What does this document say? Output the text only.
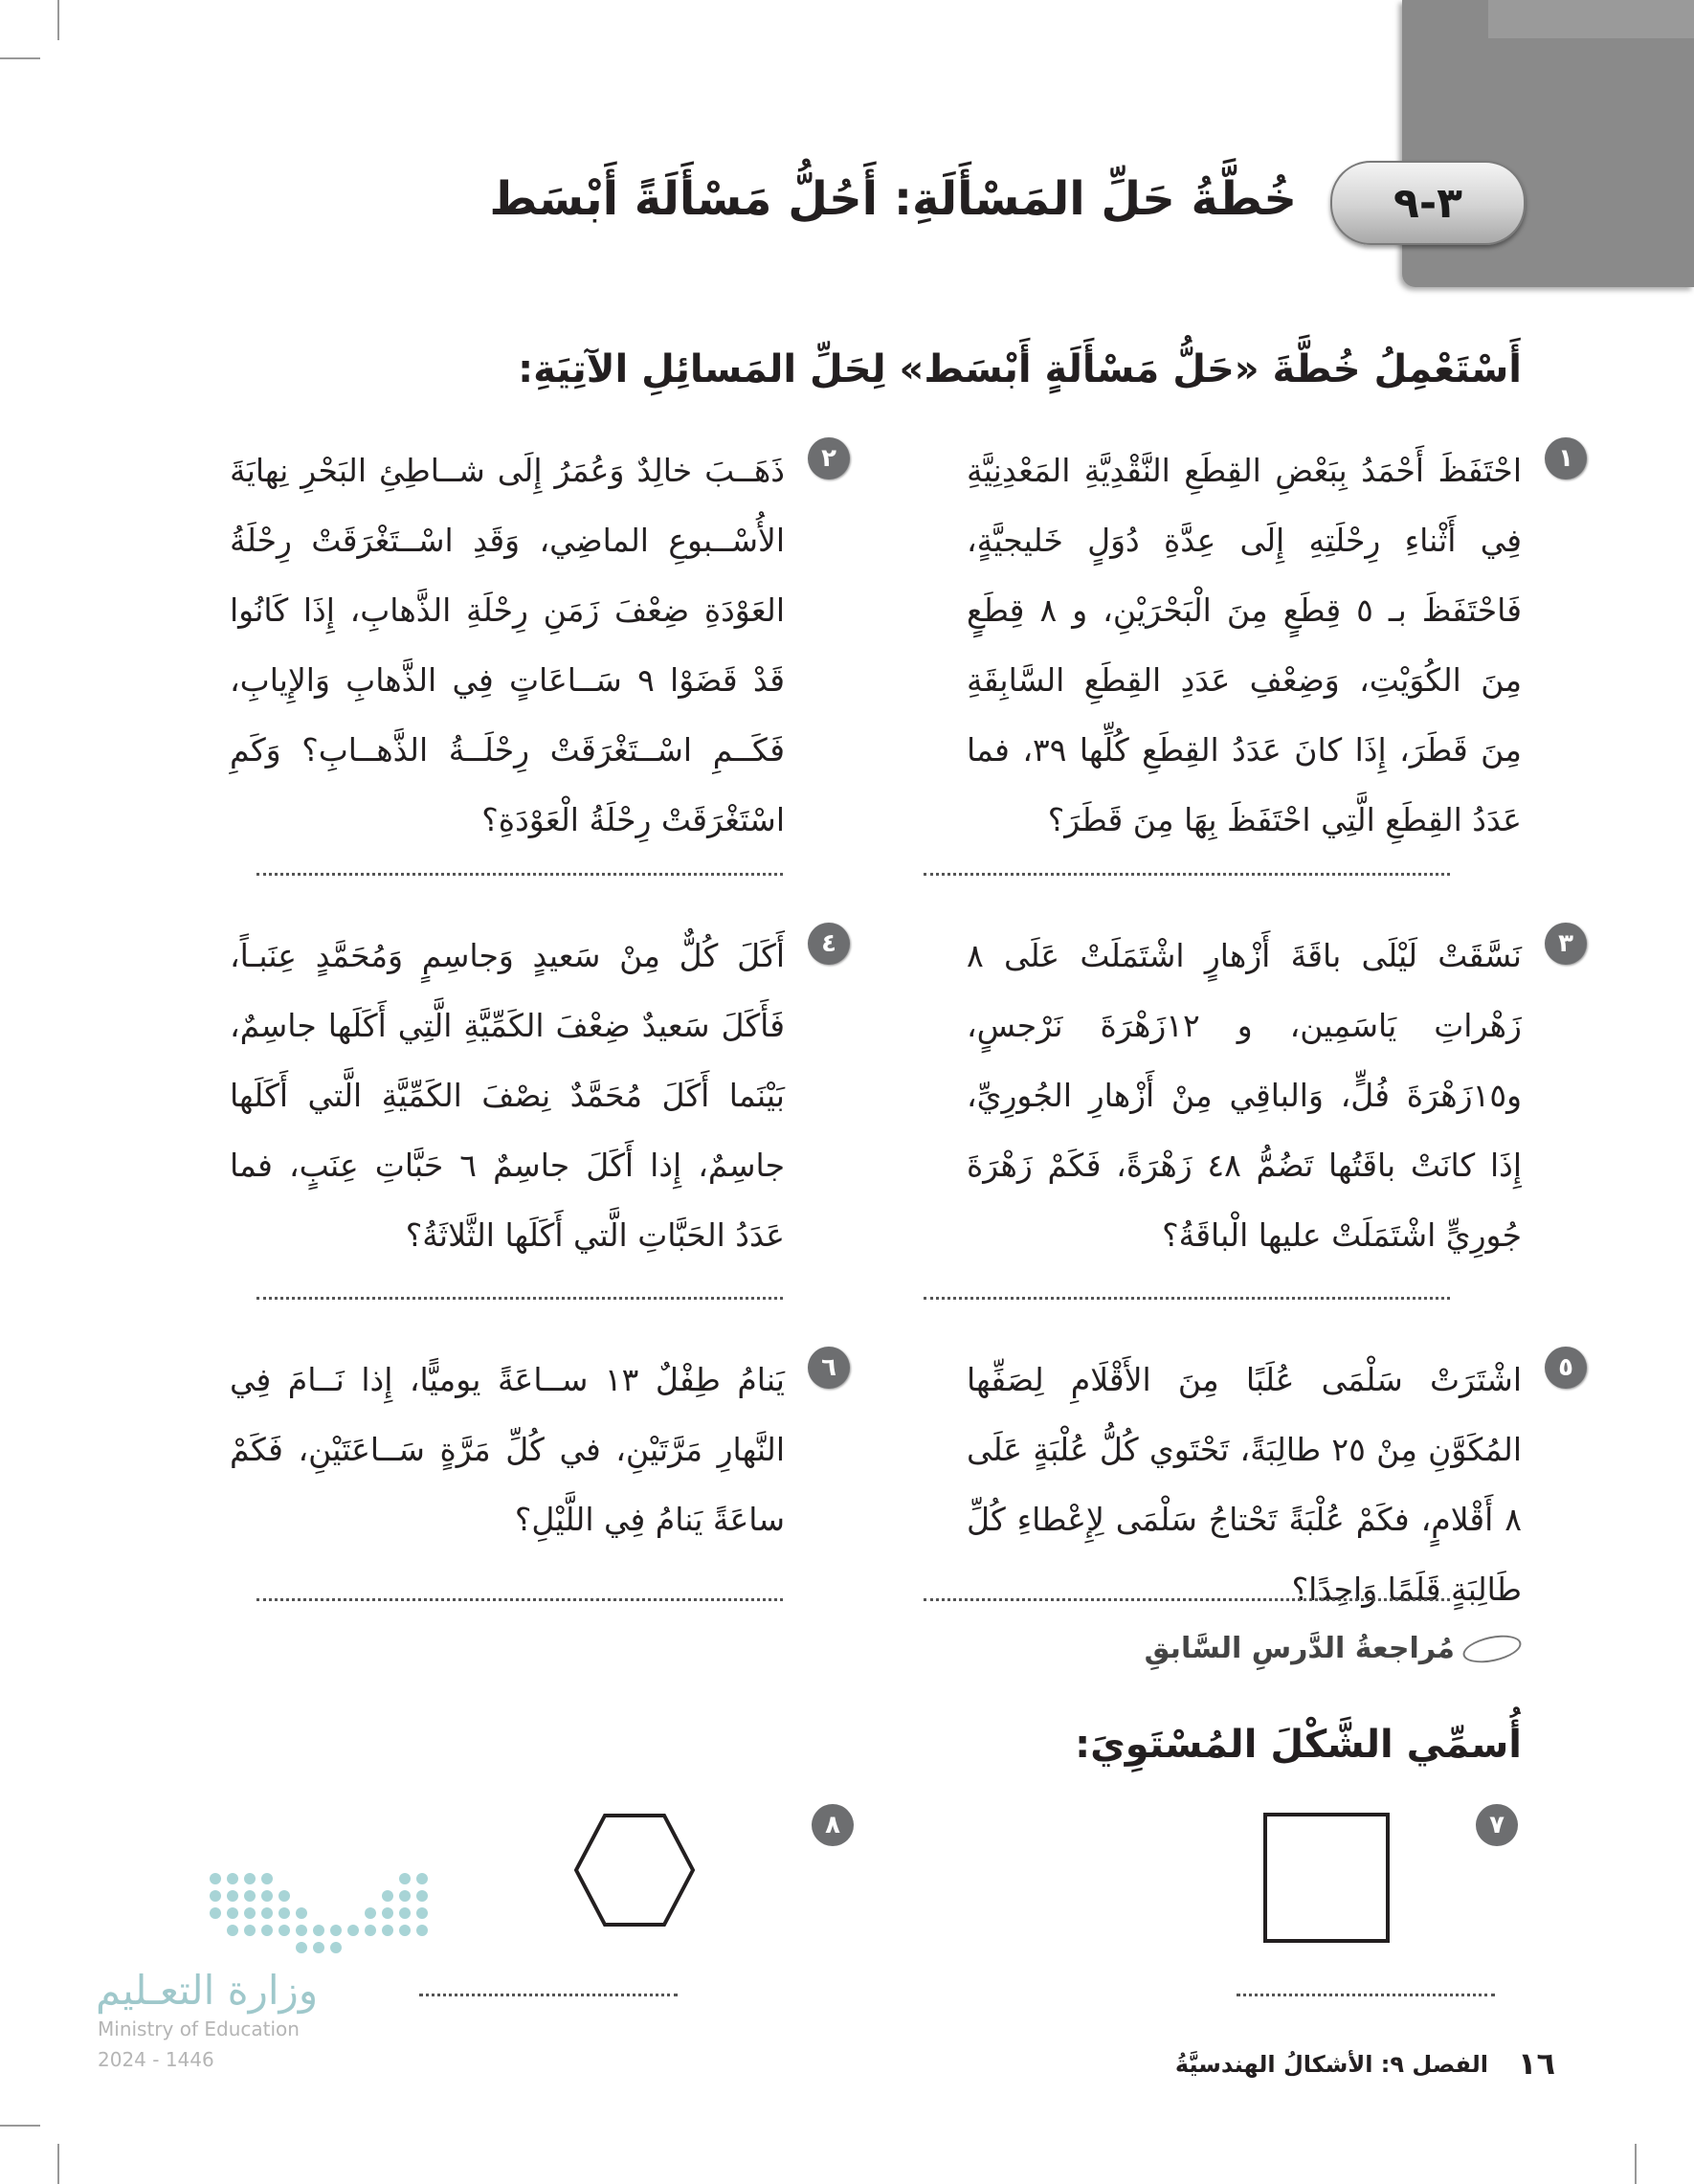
٣-٩
خُطَّةُ حَلِّ المَسْأَلَةِ: أَحُلُّ مَسْأَلَةً أَبْسَط
أَسْتَعْمِلُ خُطَّةَ «حَلُّ مَسْأَلَةٍ أَبْسَط» لِحَلِّ المَسائِلِ الآتِيَةِ:
١
احْتَفَظَ أَحْمَدُ بِبَعْضِ القِطَعِ النَّقْدِيَّةِ المَعْدِنِيَّةِ فِي أَثْناءِ رِحْلَتِهِ إِلَى عِدَّةِ دُوَلٍ خَليجيَّةٍ، فَاحْتَفَظَ بـ ٥ قِطَعٍ مِنَ الْبَحْرَيْنِ، و ٨ قِطَعٍ مِنَ الكُوَيْتِ، وَضِعْفِ عَدَدِ القِطَعِ السَّابِقَةِ مِنَ قَطَرَ، إِذَا كانَ عَدَدُ القِطَعِ كُلِّها ٣٩، فما عَدَدُ القِطَعِ الَّتِي احْتَفَظَ بِهَا مِنَ قَطَرَ؟
٣
نَسَّقَتْ لَيْلَى باقَةَ أَزْهارٍ اشْتَمَلَتْ عَلَى ٨ زَهْراتِ يَاسَمِين، و ١٢زَهْرَةَ نَرْجسٍ، و١٥زَهْرَةَ فُلٍّ، وَالباقِي مِنْ أَزْهارِ الجُورِيِّ، إِذَا كانَتْ باقَتُها تَضُمُّ ٤٨ زَهْرَةً، فَكَمْ زَهْرَةَ جُورِيٍّ اشْتَمَلَتْ عليها الْباقَةُ؟
٥
اشْتَرَتْ سَلْمَى عُلَبًا مِنَ الأَقْلَامِ لِصَفِّها المُكَوَّنِ مِنْ ٢٥ طالِبَةً، تَحْتَوي كُلُّ عُلْبَةٍ عَلَى ٨ أَقْلامٍ، فكَمْ عُلْبَةً تَحْتاجُ سَلْمَى لِإِعْطاءِ كُلِّ طَالِبَةٍ قَلَمًا وَاحِدًا؟
٢
ذَهَــبَ خالِدٌ وَعُمَرُ إِلَى شــاطِئِ البَحْرِ نِهايَةَ الأُسْــبوعِ الماضِي، وَقَدِ اسْــتَغْرَقَتْ رِحْلَةُ العَوْدَةِ ضِعْفَ زَمَنِ رِحْلَةِ الذَّهابِ، إِذَا كَانُوا قَدْ قَضَوْا ٩ سَــاعَاتٍ فِي الذَّهابِ وَالإِيابِ، فَكَــمِ اسْــتَغْرَقَتْ رِحْلَــةُ الذَّهــابِ؟ وَكَمِ اسْتَغْرَقَتْ رِحْلَةُ الْعَوْدَةِ؟
٤
أَكَلَ كُلٌّ مِنْ سَعيدٍ وَجاسِمٍ وَمُحَمَّدٍ عِنَبـاً، فَأَكَلَ سَعيدٌ ضِعْفَ الكَمِّيَّةِ الَّتِي أَكَلَها جاسِمٌ، بَيْنَما أَكَلَ مُحَمَّدٌ نِصْفَ الكَمِّيَّةِ الَّتي أَكَلَها جاسِمٌ، إِذا أَكَلَ جاسِمٌ ٦ حَبَّاتِ عِنَبٍ، فما عَدَدُ الحَبَّاتِ الَّتي أَكَلَها الثَّلاثَةُ؟
٦
يَنامُ طِفْلٌ ١٣ ســاعَةً يوميًّا، إِذا نَــامَ فِي النَّهارِ مَرَّتَيْنِ، في كُلِّ مَرَّةٍ سَــاعَتَيْنِ، فَكَمْ ساعَةً يَنامُ فِي اللَّيْلِ؟
مُراجعةُ الدَّرسِ السَّابقِ
أُسمِّي الشَّكْلَ المُسْتَوِيَ:
٧
٨
وزارة التعـليم
Ministry of Education
2024 - 1446	١٦
الفصل ٩: الأشكالُ الهندسيَّةُ
